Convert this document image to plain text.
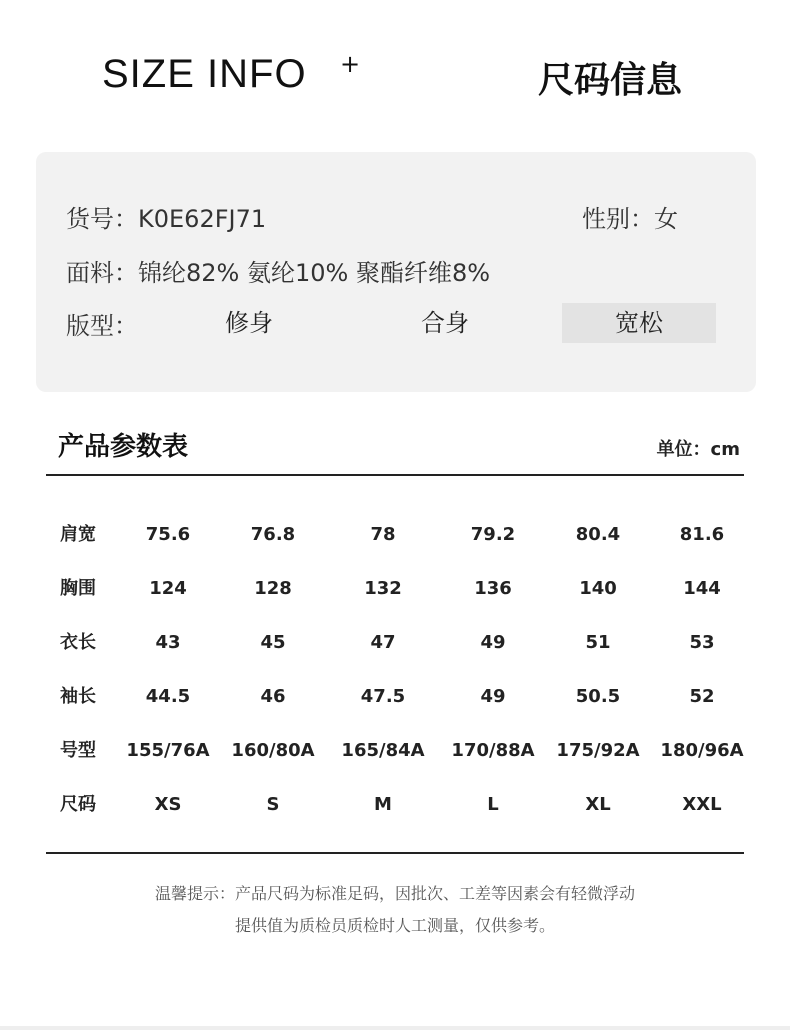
SIZE INFO +	尺码信息
货号：K0E62FJ71	性别：女
面料：锦纶82% 氨纶10% 聚酯纤维8%
版型：	修身	合身	宽松
产品参数表	单位：cm
肩宽	75.6	76.8	78	79.2	80.4	81.6
胸围	124	128	132	136	140	144
衣长	43	45	47	49	51	53
袖长	44.5	46	47.5	49	50.5	52
号型	155/76A	160/80A	165/84A	170/88A	175/92A	180/96A
尺码	XS	S	M	L	XL	XXL
温馨提示：产品尺码为标准足码，因批次、工差等因素会有轻微浮动
提供值为质检员质检时人工测量，仅供参考。
